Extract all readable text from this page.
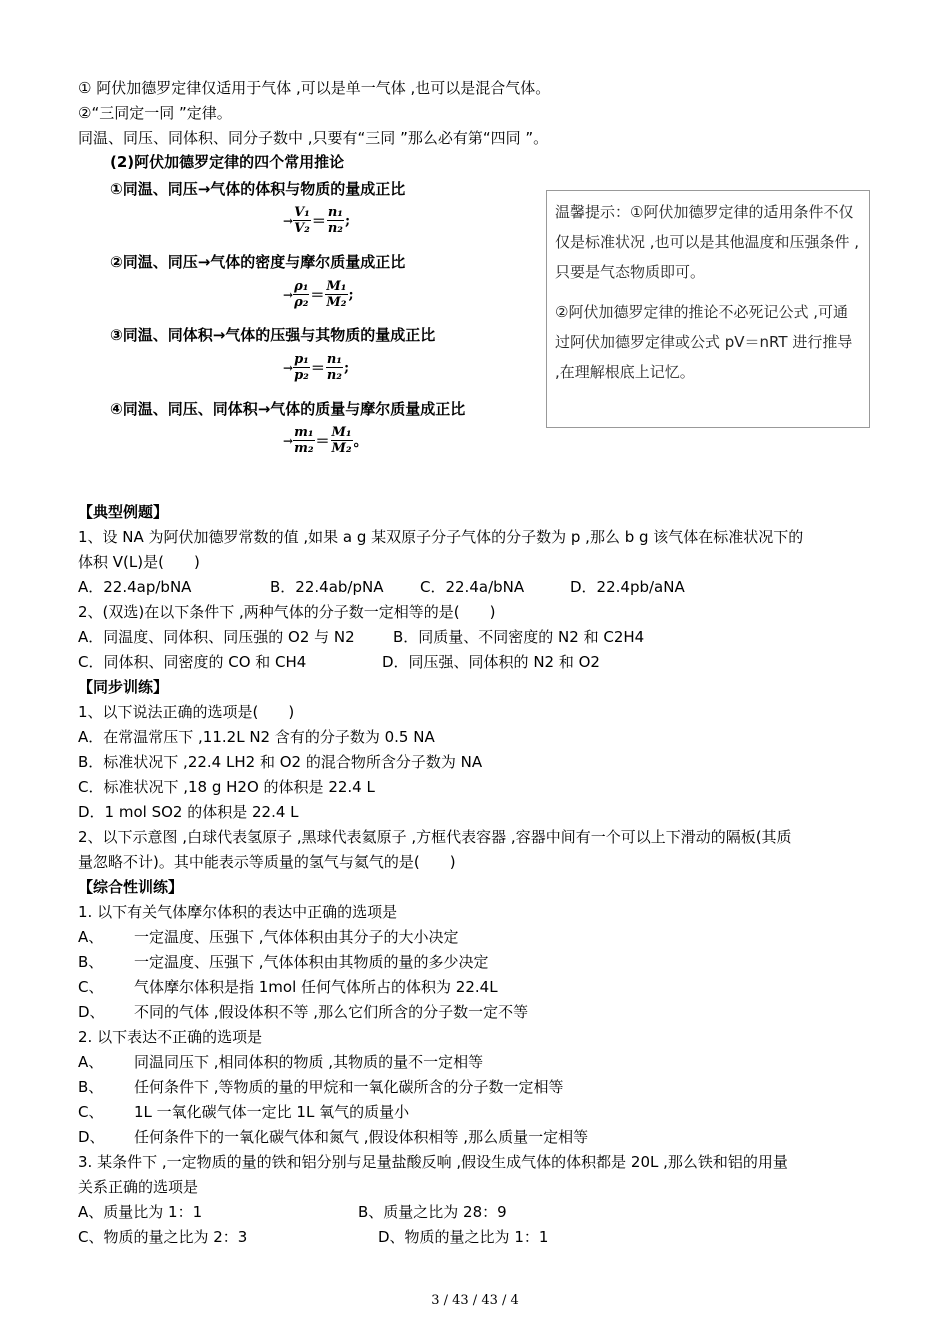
① 阿伏加德罗定律仅适用于气体 ,可以是单一气体 ,也可以是混合气体。
②“三同定一同 ”定律。
同温、同压、同体积、同分子数中 ,只要有“三同 ”那么必有第“四同 ”。
(2)阿伏加德罗定律的四个常用推论
①同温、同压→气体的体积与物质的量成正比
→ $\frac{\text{V₁}}{\text{V₂}} = \frac{\text{n₁}}{\text{n₂}}$ ;
②同温、同压→气体的密度与摩尔质量成正比
→ $\frac{\text{ρ₁}}{\text{ρ₂}} = \frac{\text{M₁}}{\text{M₂}}$ ;
③同温、同体积→气体的压强与其物质的量成正比
→ $\frac{\text{p₁}}{\text{p₂}} = \frac{\text{n₁}}{\text{n₂}}$ ;
④同温、同压、同体积→气体的质量与摩尔质量成正比
→ $\frac{\text{m₁}}{\text{m₂}} = \frac{\text{M₁}}{\text{M₂}}$ 。

温馨提示：①阿伏加德罗定律的适用条件不仅仅是标准状况 ,也可以是其他温度和压强条件 ,只要是气态物质即可。

②阿伏加德罗定律的推论不必死记公式 ,可通过阿伏加德罗定律或公式 pV＝nRT 进行推导 ,在理解根底上记忆。

【典型例题】
1、设 NA 为阿伏加德罗常数的值 ,如果 a g 某双原子分子气体的分子数为 p ,那么 b g 该气体在标准状况下的
体积 V(L)是(　　)
A．22.4ap/bNA	B．22.4ab/pNA C．22.4a/bNA	D．22.4pb/aNA
2、(双选)在以下条件下 ,两种气体的分子数一定相等的是(　　)
A．同温度、同体积、同压强的 O2 与 N2	B．同质量、不同密度的 N2 和 C2H4
C．同体积、同密度的 CO 和 CH4	D．同压强、同体积的 N2 和 O2
【同步训练】
1、以下说法正确的选项是(　　)
A．在常温常压下 ,11.2L N2 含有的分子数为 0.5 NA
B．标准状况下 ,22.4 LH2 和 O2 的混合物所含分子数为 NA
C．标准状况下 ,18 g H2O 的体积是 22.4 L
D．1 mol SO2 的体积是 22.4 L
2、以下示意图 ,白球代表氢原子 ,黑球代表氦原子 ,方框代表容器 ,容器中间有一个可以上下滑动的隔板(其质
量忽略不计)。其中能表示等质量的氢气与氦气的是(　　)
【综合性训练】
1. 以下有关气体摩尔体积的表达中正确的选项是
A、 一定温度、压强下 ,气体体积由其分子的大小决定
B、 一定温度、压强下 ,气体体积由其物质的量的多少决定
C、 气体摩尔体积是指 1mol 任何气体所占的体积为 22.4L
D、 不同的气体 ,假设体积不等 ,那么它们所含的分子数一定不等
2. 以下表达不正确的选项是
A、 同温同压下 ,相同体积的物质 ,其物质的量不一定相等
B、 任何条件下 ,等物质的量的甲烷和一氧化碳所含的分子数一定相等
C、 1L 一氧化碳气体一定比 1L 氧气的质量小
D、 任何条件下的一氧化碳气体和氮气 ,假设体积相等 ,那么质量一定相等
3. 某条件下 ,一定物质的量的铁和铝分别与足量盐酸反响 ,假设生成气体的体积都是 20L ,那么铁和铝的用量
关系正确的选项是
A、质量比为 1：1	B、质量之比为 28：9
C、物质的量之比为 2：3	D、物质的量之比为 1：1
3 / 43 / 43 / 4
